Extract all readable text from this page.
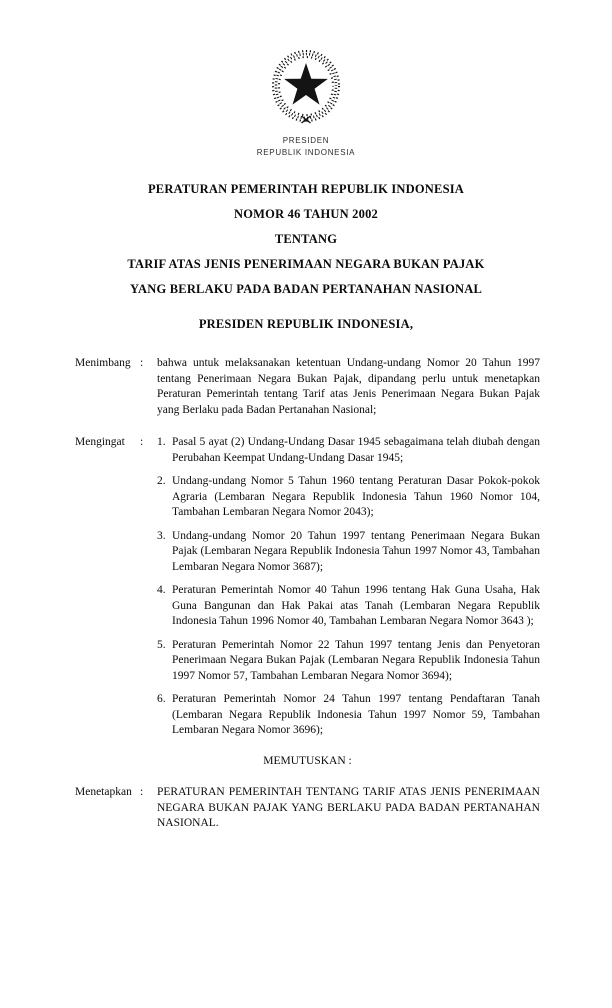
PRESIDEN
REPUBLIK INDONESIA
PERATURAN PEMERINTAH REPUBLIK INDONESIA
NOMOR 46 TAHUN 2002
TENTANG
TARIF ATAS JENIS PENERIMAAN NEGARA BUKAN PAJAK
YANG BERLAKU PADA BADAN PERTANAHAN NASIONAL
PRESIDEN REPUBLIK INDONESIA,
Menimbang :	bahwa untuk melaksanakan ketentuan Undang-undang Nomor 20 Tahun 1997 tentang Penerimaan Negara Bukan Pajak, dipandang perlu untuk menetapkan Peraturan Pemerintah tentang Tarif atas Jenis Penerimaan Negara Bukan Pajak yang Berlaku pada Badan Pertanahan Nasional;
Mengingat	:	1. Pasal 5 ayat (2) Undang-Undang Dasar 1945 sebagaimana telah diubah dengan Perubahan Keempat Undang-Undang Dasar 1945;
2. Undang-undang Nomor 5 Tahun 1960 tentang Peraturan Dasar Pokok-pokok Agraria (Lembaran Negara Republik Indonesia Tahun 1960 Nomor 104, Tambahan Lembaran Negara Nomor 2043);
3. Undang-undang Nomor 20 Tahun 1997 tentang Penerimaan Negara Bukan Pajak (Lembaran Negara Republik Indonesia Tahun 1997 Nomor 43, Tambahan Lembaran Negara Nomor 3687);
4. Peraturan Pemerintah Nomor 40 Tahun 1996 tentang Hak Guna Usaha, Hak Guna Bangunan dan Hak Pakai atas Tanah (Lembaran Negara Republik Indonesia Tahun 1996 Nomor 40, Tambahan Lembaran Negara Nomor 3643 );
5. Peraturan Pemerintah Nomor 22 Tahun 1997 tentang Jenis dan Penyetoran Penerimaan Negara Bukan Pajak (Lembaran Negara Republik Indonesia Tahun 1997 Nomor 57, Tambahan Lembaran Negara Nomor 3694);
6. Peraturan Pemerintah Nomor 24 Tahun 1997 tentang Pendaftaran Tanah (Lembaran Negara Republik Indonesia Tahun 1997 Nomor 59, Tambahan Lembaran Negara Nomor 3696);
MEMUTUSKAN :
Menetapkan :	PERATURAN PEMERINTAH TENTANG TARIF ATAS JENIS PENERIMAAN NEGARA BUKAN PAJAK YANG BERLAKU PADA BADAN PERTANAHAN NASIONAL.
